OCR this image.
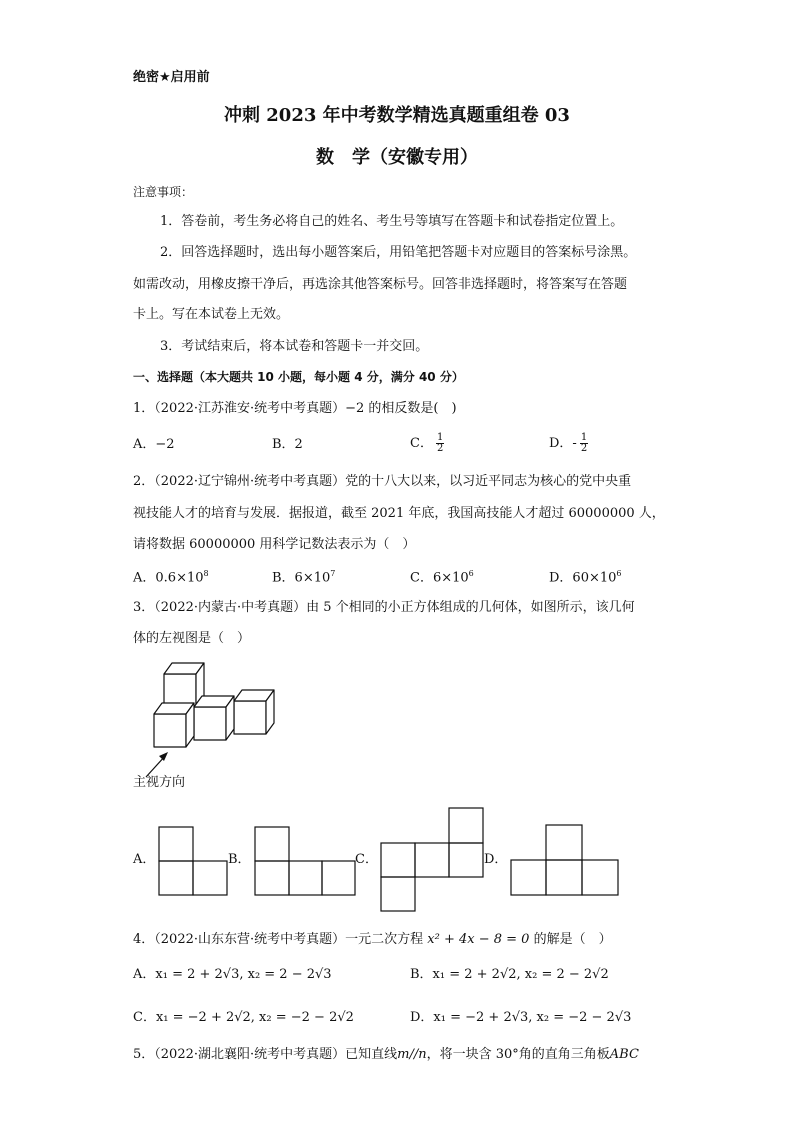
绝密★启用前
冲刺 2023 年中考数学精选真题重组卷 03
数　学（安徽专用）
注意事项：
1．答卷前，考生务必将自己的姓名、考生号等填写在答题卡和试卷指定位置上。
2．回答选择题时，选出每小题答案后，用铅笔把答题卡对应题目的答案标号涂黑。
如需改动，用橡皮擦干净后，再选涂其他答案标号。回答非选择题时，将答案写在答题
卡上。写在本试卷上无效。
3．考试结束后，将本试卷和答题卡一并交回。
一、选择题（本大题共 10 小题，每小题 4 分，满分 40 分）
1．（2022·江苏淮安·统考中考真题）−2 的相反数是(　)
A．−2	B．2	C． $\frac{1}{2}$	D．- $\frac{1}{2}$
2．（2022·辽宁锦州·统考中考真题）党的十八大以来，以习近平同志为核心的党中央重
视技能人才的培育与发展．据报道，截至 2021 年底，我国高技能人才超过 60000000 人，
请将数据 60000000 用科学记数法表示为（　）
A．$0.6\times 10^8$	B．$6\times 10^7$	C．$6\times 10^6$	D．$60\times 10^6$
3．（2022·内蒙古·中考真题）由 5 个相同的小正方体组成的几何体，如图所示，该几何
体的左视图是（　）
主视方向
A．	B．	C．	D．
4．（2022·山东东营·统考中考真题）一元二次方程 x² + 4x − 8 = 0 的解是（　）
A．x₁ = 2 + 2√3, x₂ = 2 − 2√3	B．x₁ = 2 + 2√2, x₂ = 2 − 2√2
C．x₁ = −2 + 2√2, x₂ = −2 − 2√2	D．x₁ = −2 + 2√3, x₂ = −2 − 2√3
5．（2022·湖北襄阳·统考中考真题）已知直线m//n，将一块含 30°角的直角三角板ABC
